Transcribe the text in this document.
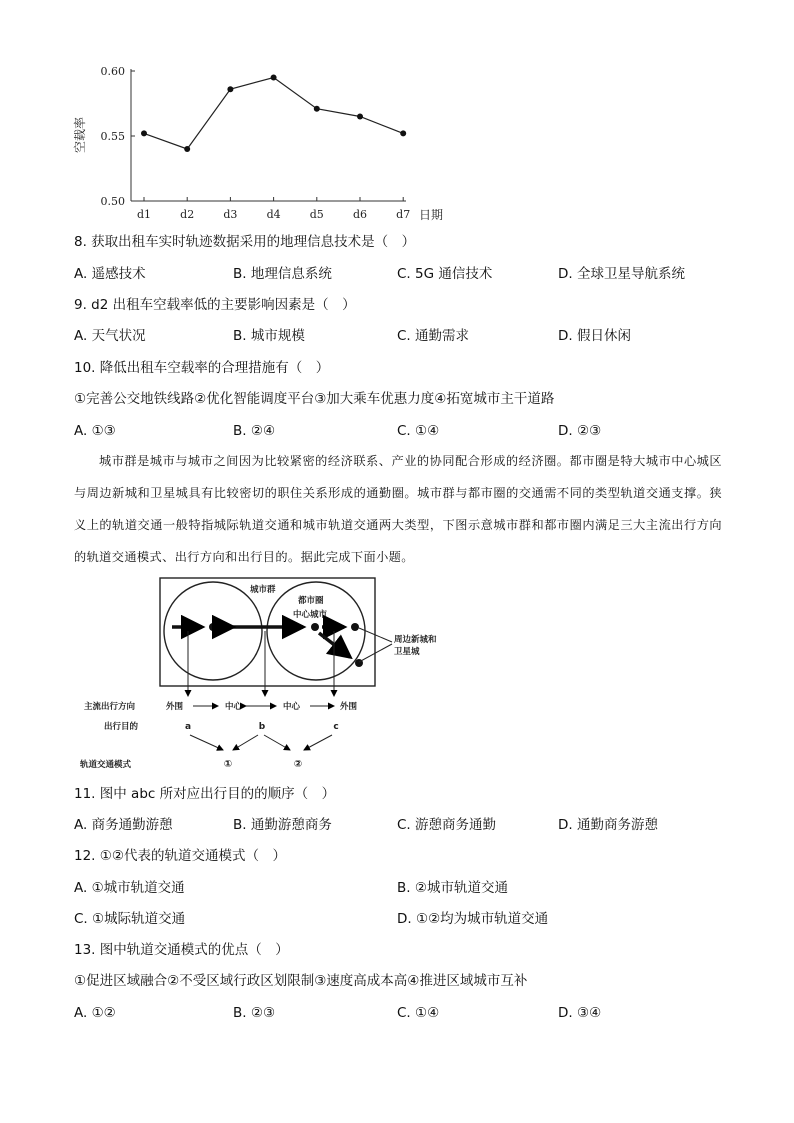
0.50
0.55
0.60
d1	d2	d3	d4	d5	d6	d7
空载率
日期
8. 获取出租车实时轨迹数据采用的地理信息技术是（　）
A. 遥感技术	B. 地理信息系统	C. 5G 通信技术	D. 全球卫星导航系统
9. d2 出租车空载率低的主要影响因素是（　）
A. 天气状况	B. 城市规模	C. 通勤需求	D. 假日休闲
10. 降低出租车空载率的合理措施有（　）
①完善公交地铁线路②优化智能调度平台③加大乘车优惠力度④拓宽城市主干道路
A. ①③	B. ②④	C. ①④	D. ②③
城市群是城市与城市之间因为比较紧密的经济联系、产业的协同配合形成的经济圈。都市圈是特大城市中心城区与周边新城和卫星城具有比较密切的职住关系形成的通勤圈。城市群与都市圈的交通需不同的类型轨道交通支撑。狭义上的轨道交通一般特指城际轨道交通和城市轨道交通两大类型，下图示意城市群和都市圈内满足三大主流出行方向的轨道交通模式、出行方向和出行目的。据此完成下面小题。
城市群
都市圈
中心城市
周边新城和
卫星城
主流出行方向
出行目的
轨道交通模式
外围	中心	中心	外围
a	b	c
①	②
11. 图中 abc 所对应出行目的的顺序（　）
A. 商务通勤游憩	B. 通勤游憩商务	C. 游憩商务通勤	D. 通勤商务游憩
12. ①②代表的轨道交通模式（　）
A. ①城市轨道交通	B. ②城市轨道交通
C. ①城际轨道交通	D. ①②均为城市轨道交通
13. 图中轨道交通模式的优点（　）
①促进区域融合②不受区域行政区划限制③速度高成本高④推进区域城市互补
A. ①②	B. ②③	C. ①④	D. ③④
